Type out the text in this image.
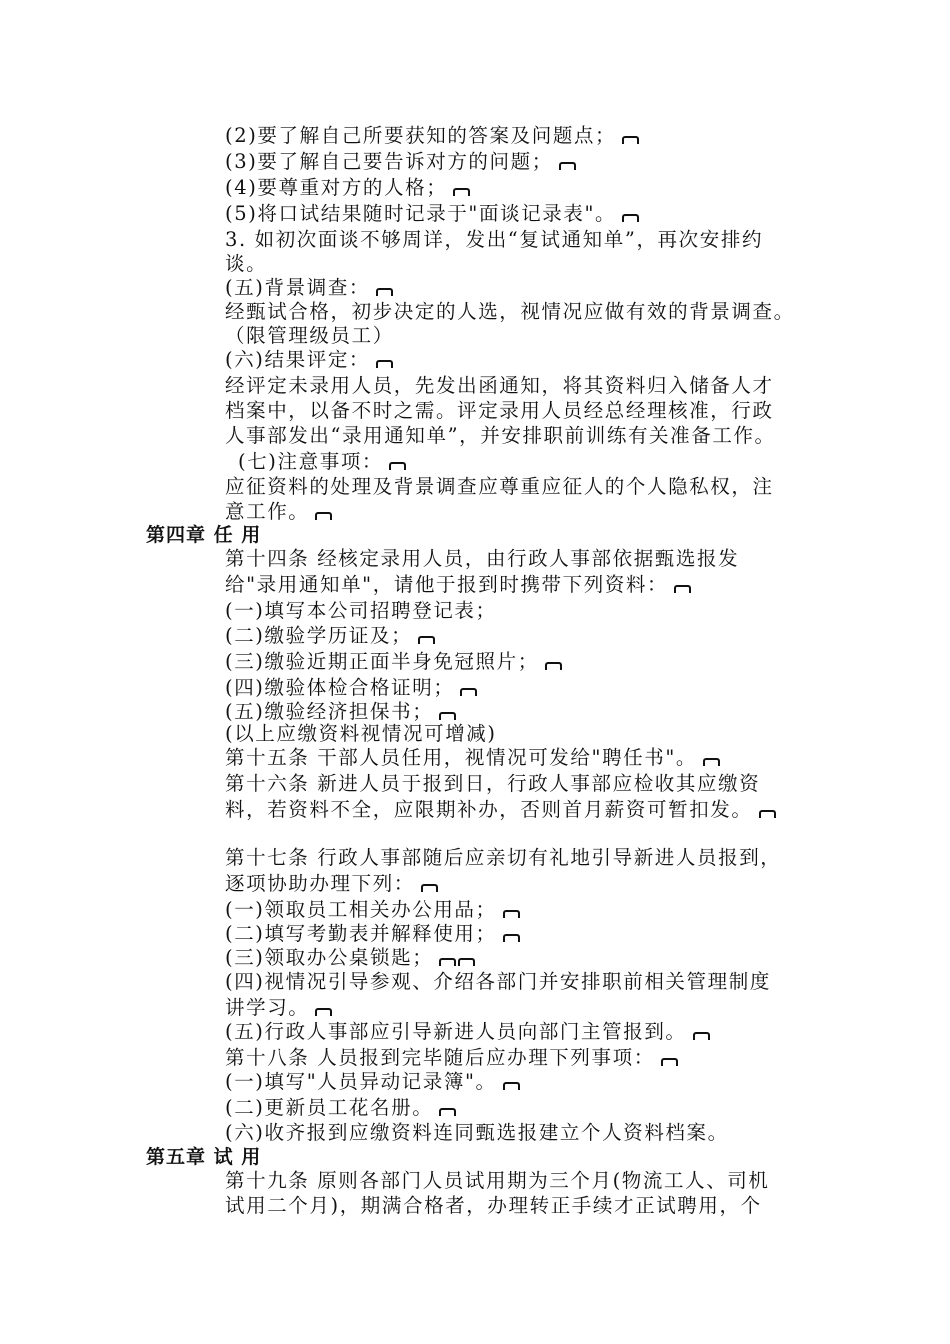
(2)要了解自己所要获知的答案及问题点；
(3)要了解自己要告诉对方的问题；
(4)要尊重对方的人格；
(5)将口试结果随时记录于"面谈记录表"。
3. 如初次面谈不够周详，发出“复试通知单”，再次安排约
谈。
(五)背景调查：
经甄试合格，初步决定的人选，视情况应做有效的背景调查。
（限管理级员工）
(六)结果评定：
经评定未录用人员，先发出函通知，将其资料归入储备人才
档案中，以备不时之需。评定录用人员经总经理核准，行政
人事部发出“录用通知单”，并安排职前训练有关准备工作。
(七)注意事项：
应征资料的处理及背景调查应尊重应征人的个人隐私权，注
意工作。
第四章 任 用
第十四条 经核定录用人员，由行政人事部依据甄选报发
给"录用通知单"，请他于报到时携带下列资料：
(一)填写本公司招聘登记表；
(二)缴验学历证及；
(三)缴验近期正面半身免冠照片；
(四)缴验体检合格证明；
(五)缴验经济担保书；
(以上应缴资料视情况可增减)
第十五条 干部人员任用，视情况可发给"聘任书"。
第十六条 新进人员于报到日，行政人事部应检收其应缴资
料，若资料不全，应限期补办，否则首月薪资可暂扣发。
第十七条 行政人事部随后应亲切有礼地引导新进人员报到，
逐项协助办理下列：
(一)领取员工相关办公用品；
(二)填写考勤表并解释使用；
(三)领取办公桌锁匙；
(四)视情况引导参观、介绍各部门并安排职前相关管理制度
讲学习。
(五)行政人事部应引导新进人员向部门主管报到。
第十八条 人员报到完毕随后应办理下列事项：
(一)填写"人员异动记录簿"。
(二)更新员工花名册。
(六)收齐报到应缴资料连同甄选报建立个人资料档案。
第五章 试 用
第十九条 原则各部门人员试用期为三个月(物流工人、司机
试用二个月)，期满合格者，办理转正手续才正试聘用，个
